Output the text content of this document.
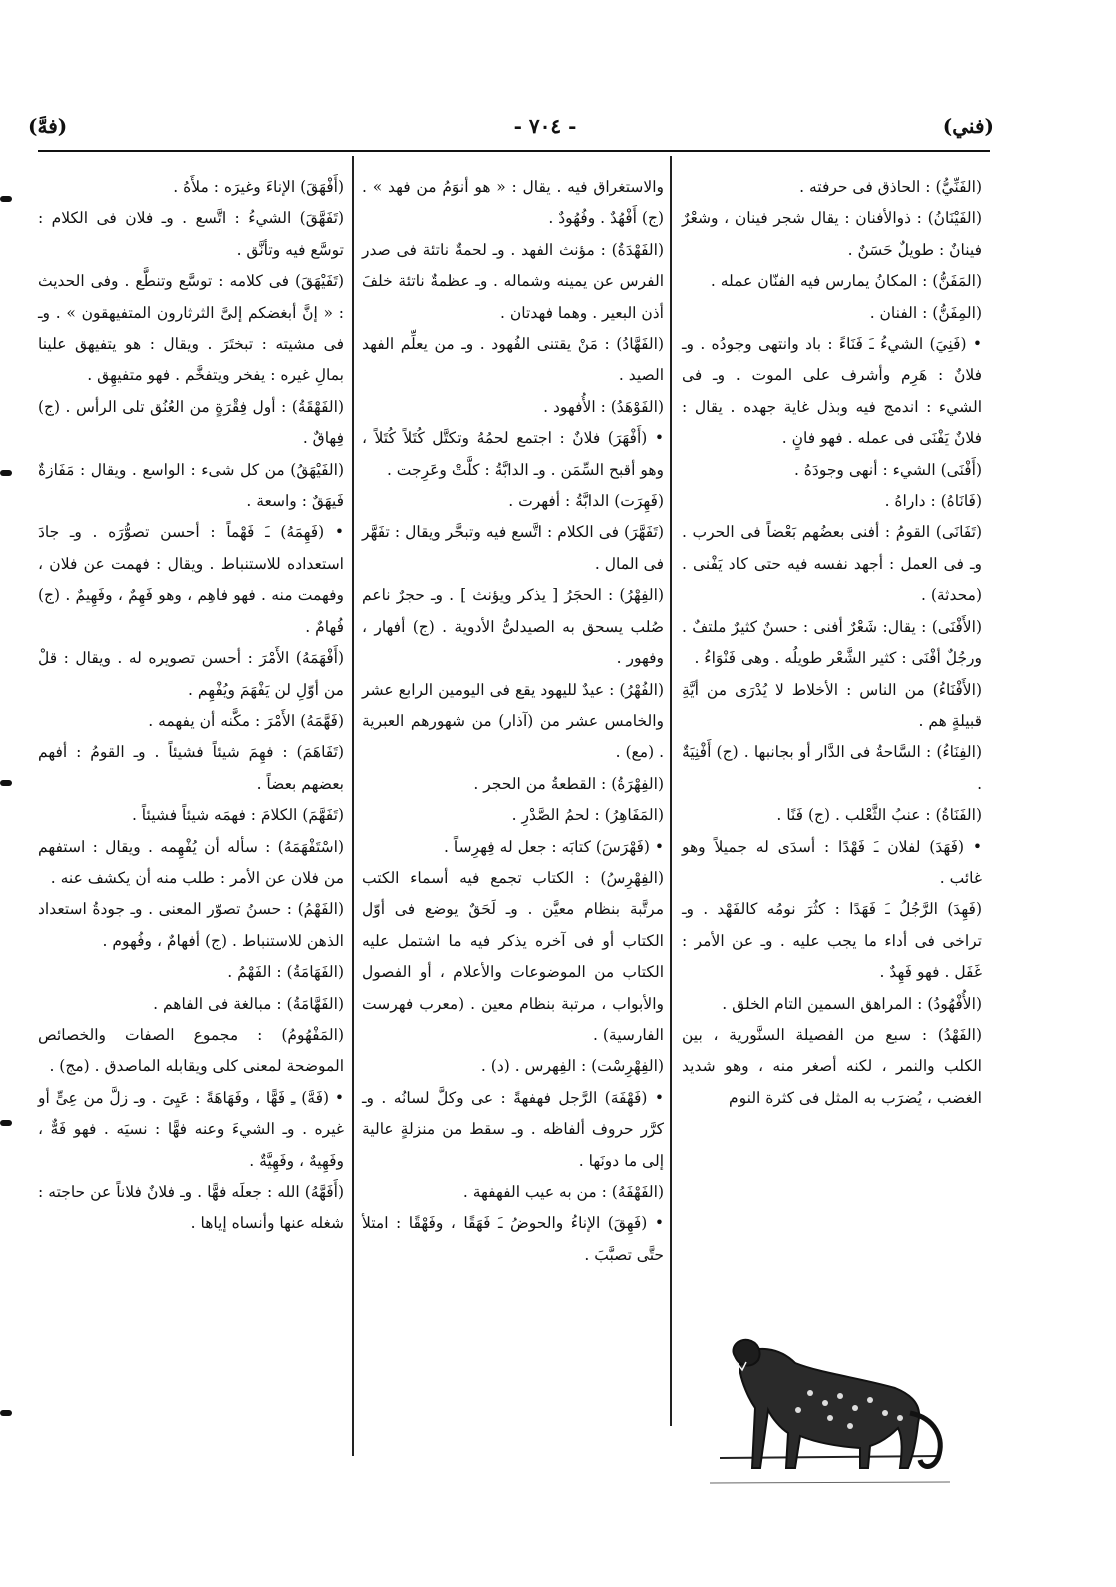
(فهَّ)	- ٧٠٤ -	(فني)

(الفَنِّيُّ) : الحاذق فى حرفته .

(الفَيْنَانُ) : ذوالأفنان : يقال شجر فينان ، وشعْرٌ فينانٌ : طويلٌ حَسَنٌ .

(المَفَنُّ) : المكانُ يمارس فيه الفنّان عمله .

(المِفَنُّ) : الفنان .

• (فَنِيَ) الشيءُ ـَ فَنَاءً : باد وانتهى وجودُه . وـ فلانٌ : هَرِم وأشرف على الموت . وـ فى الشيء : اندمج فيه وبذل غاية جهده . يقال : فلانٌ يَفْنَى فى عمله . فهو فانٍ .

(أَفْنَى) الشيء : أنهى وجودَهُ .

(فَانَاهُ) : داراهُ .

(تَفَانَى) القومُ : أفنى بعضُهم بَعْضاً فى الحرب . وـ فى العمل : أجهد نفسه فيه حتى كاد يَفْنى . (محدثة) .

(الأَفْنَى) : يقال: شَعْرٌ أفنى : حسنٌ كثيرٌ ملتفٌ . ورجُلٌ أفْنَى : كثير الشَّعْر طويلُه . وهى فَنْوَاءُ .

(الأَفْنَاءُ) من الناس : الأخلاط لا يُدْرَى من أيَّةِ قبيلةٍ هم .

(الفِنَاءُ) : السَّاحةُ فى الدَّار أو بجانبها . (ج) أَفْنِيَةٌ .

(الفَنَاةُ) : عنبُ الثَّعْلب . (ج) فَنًا .

• (فَهَدَ) لفلان ـَ فَهْدًا : أسدَى له جميلاً وهو غائب .

(فَهِدَ) الرَّجُلُ ـَ فَهَدًا : كثُرَ نومُه كالفَهْد . وـ تراخى فى أداء ما يجب عليه . وـ عن الأمر : غَفَل . فهو فَهِدٌ .

(الأُفْهُودُ) : المراهق السمين التام الخلق .

(الفَهْدُ) : سبع من الفصيلة السنَّورية ، بين الكلب والنمر ، لكنه أصغر منه ، وهو شديد الغضب ، يُضرَب به المثل فى كثرة النوم

والاستغراق فيه . يقال : « هو أنوَمُ من فهد » . (ج) أَفْهُدٌ . وفُهُودٌ .

(الفَهْدَةُ) : مؤنث الفهد . وـ لحمةٌ ناتئة فى صدر الفرس عن يمينه وشماله . وـ عظمةٌ ناتئة خلفَ أذن البعير . وهما فهدتان .

(الفَهَّادُ) : مَنْ يقتنى الفُهود . وـ من يعلِّم الفهد الصيد .

(الفَوْهَدُ) : الأُفهود .

• (أَفْهَرَ) فلانٌ : اجتمع لحمُهُ وتكتَّل كُتَلاً كُتَلاً ، وهو أقبح السِّمَن . وـ الدابَّةُ : كلَّتْ وعَرِجت .

(فَهِرَت) الدابَّةُ : أفهرت .

(تَفَهَّرَ) فى الكلام : اتَّسع فيه وتبحَّر ويقال : تفَهَّر فى المال .

(الفِهْرُ) : الحجَرُ [ يذكر ويؤنث ] . وـ حجرٌ ناعم صُلب يسحق به الصيدلىُّ الأدوية . (ج) أفهار ، وفهور .

(الفُهْرُ) : عيدٌ لليهود يقع فى اليومين الرابع عشر والخامس عشر من (آذار) من شهورهم العبرية . (مع) .

(الفِهْرَةُ) : القطعةُ من الحجر .

(المَفَاهِرُ) : لحمُ الصَّدْرِ .

• (فَهْرَسَ) كتابَه : جعل له فِهرِساً .

(الفِهْرِسُ) : الكتاب تجمع فيه أسماء الكتب مرتَّبة بنظام معيَّن . وـ لَحَقٌ يوضع فى أوّل الكتاب أو فى آخره يذكر فيه ما اشتمل عليه الكتاب من الموضوعات والأعلام ، أو الفصول والأبواب ، مرتبة بنظام معين . (معرب فهرست الفارسية) .

(الفِهْرِسْت) : الفِهرس . (د) .

• (فَهْفَهَ) الرَّجل فهفهةً : عى وكلَّ لسانُه . وـ كرَّر حروف ألفاظه . وـ سقط من منزلةٍ عالية إلى ما دونَها .

(الفَهْفَهُ) : من به عيب الفهفهة .

• (فَهِقَ) الإناءُ والحوضُ ـَ فَهَقًا ، وفَهْقًا : امتلأ حتَّى تصبَّبَ .

(أَفْهَقَ) الإناءَ وغيرَه : ملأَهُ .

(تَفَهَّقَ) الشيءُ : اتَّسع . وـ فلان فى الكلام : توسَّع فيه وتأنَّق .

(تَفَيْهَقَ) فى كلامه : توسَّع وتنطَّع . وفى الحديث : « إنَّ أبغضكم إلىَّ الثرثارون المتفيهقون » . وـ فى مشيته : تبختَرَ . ويقال : هو يتفيهق علينا بمالِ غيره : يفخر ويتفخَّم . فهو متفيهِق .

(الفَهْقَةُ) : أول فِقْرَةٍ من العُنُق تلى الرأس . (ج) فِهاقٌ .

(الفَيْهَقُ) من كل شىء : الواسع . ويقال : مَفَازةٌ فَيهَقٌ : واسعة .

• (فَهِمَهُ) ـَ فَهْماً : أحسن تصوُّرَه . وـ جادَ استعداده للاستنباط . ويقال : فهمت عن فلان ، وفهمت منه . فهو فاهِم ، وهو فَهِمٌ ، وفَهِيمٌ . (ج) فُهامٌ .

(أَفْهَمَهُ) الأَمْرَ : أحسن تصويره له . ويقال : قلْ من أوّلِ لن يَفْهَمَ ويُفْهِم .

(فَهَّمَهُ) الأَمْرَ : مكَّنه أن يفهمه .

(تَفَاهَمَ) : فهِمَ شيئاً فشيئاً . وـ القومُ : أفهم بعضهم بعضاً .

(تَفَهَّمَ) الكلامَ : فهمَه شيئاً فشيئاً .

(اسْتَفْهَمَهُ) : سأله أن يُفْهِمه . ويقال : استفهم من فلان عن الأمر : طلب منه أن يكشف عنه .

(الفَهْمُ) : حسنُ تصوّر المعنى . وـ جودةُ استعداد الذهن للاستنباط . (ج) أفهامٌ ، وفُهوم .

(الفَهَامَةُ) : الفَهْمُ .

(الفَهَّامَةُ) : مبالغة فى الفاهم .

(المَفْهُومُ) : مجموع الصفات والخصائص الموضحة لمعنى كلى ويقابله الماصدق . (مج) .

• (فَهَّ) ـِ فَهًّا ، وفَهَاهَةً : عَيِىَ . وـ زلَّ من عِىٍّ أو غيره . وـ الشيءَ وعنه فهًّا : نسيَه . فهو فَهٌّ ، وفَهِيهٌ ، وفَهِيَّةٌ .

(أَفَهَّهُ) الله : جعلَه فهًّا . وـ فلانٌ فلاناً عن حاجته : شغله عنها وأنساه إياها .
